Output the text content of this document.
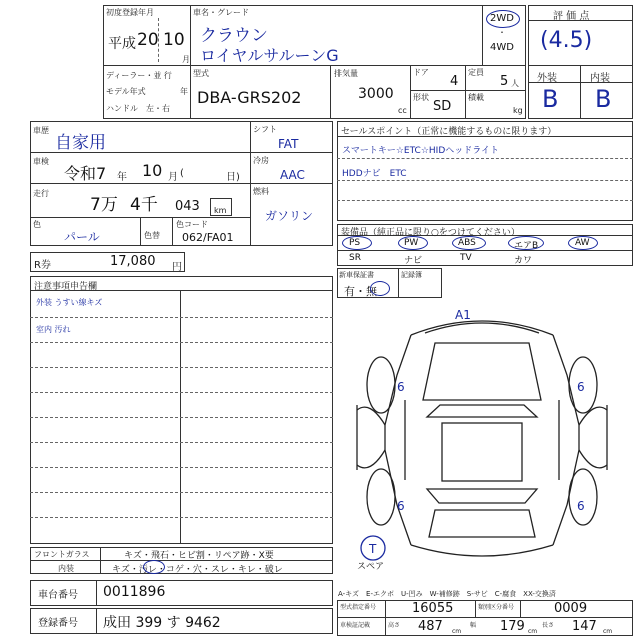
初度登録年月
平成 20 10
月
車名・グレード
クラウン
ロイヤルサルーンG
2WD
・
4WD
評 価 点
(4.5)
外装	内装
B B
ディーラー・並 行
モデル年式	年
ハンドル　左・右
型式
DBA-GRS202
排気量
3000
cc
ドア
4
定員
5 人
形状
SD
積載
kg
車歴
自家用
車検
令和7 年 10 月	日)
(
走行
7万 4千 043 km
色
パール	色替
色コード
062/FA01
シフト
FAT
冷房
AAC
燃料
ガソリン
R券	17,080 円
セールスポイント（正常に機能するものに限ります）
スマートキー☆ETC☆HIDヘッドライト
HDDナビ　ETC
装備品（純正品に限り○をつけてください）
PS	PW	ABS	エアB	AW
SR	ナビ	TV	カワ
新車保証書	記録簿
有・無
注意事項申告欄
外装 うすい線キズ
室内 汚れ
A1
6	6
6	6
T
スペア
フロントガラス	キズ・飛石・ヒビ割・リペア跡・X要
内装	キズ・汚レ・コゲ・穴・スレ・キレ・破レ
A-キズ　E-エクボ　U-凹み　W-補修跡　S-サビ　C-腐食　XX-交換済
車台番号 0011896
登録番号 成田 399 す 9462
型式指定番号	16055	類別区分番号	0009
車検証記載	高さ 487 cm
幅 179 cm
長さ 147 cm
